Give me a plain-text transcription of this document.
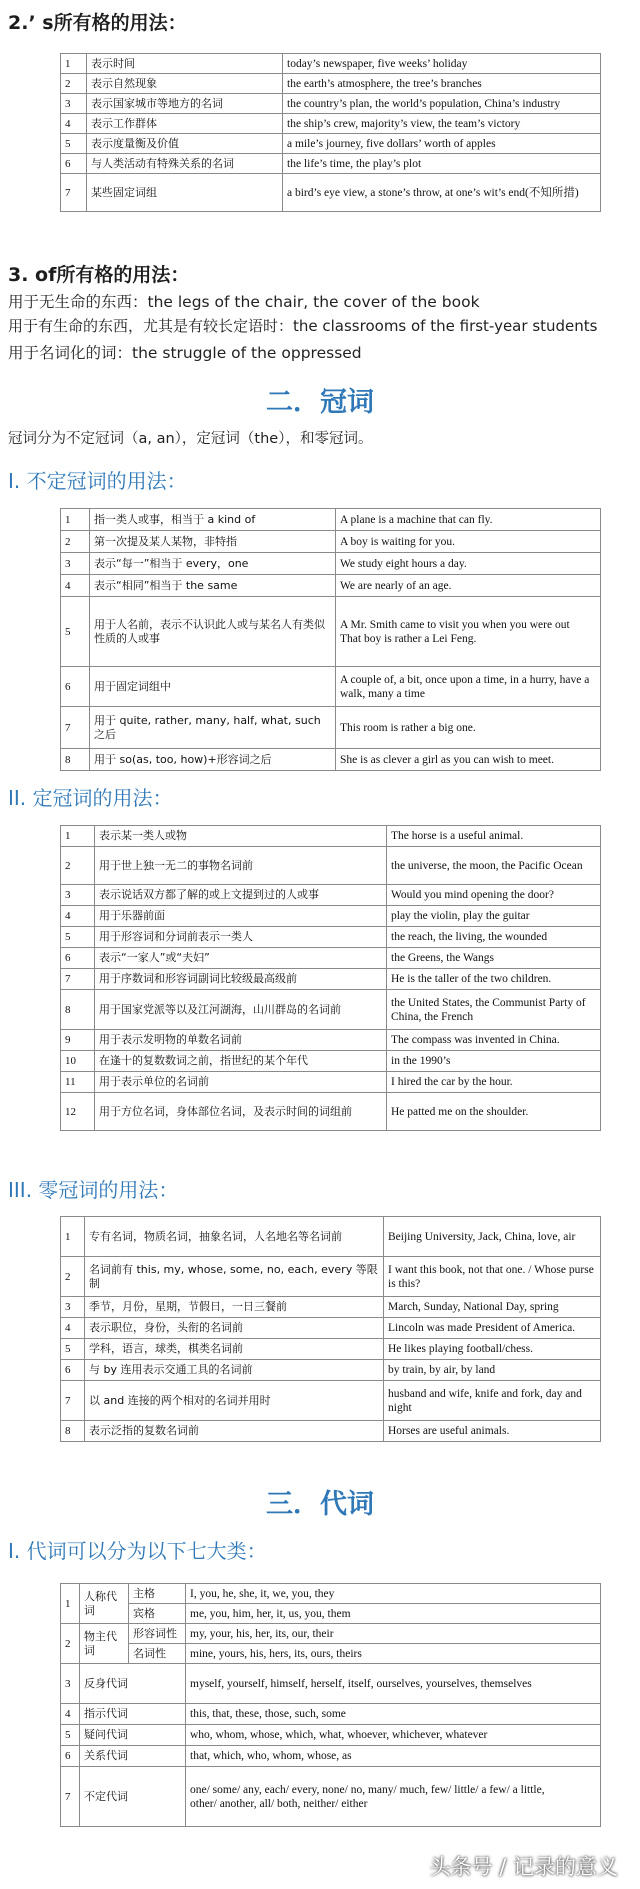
2.’ s所有格的用法：
1	表示时间	today’s newspaper, five weeks’ holiday
2	表示自然现象	the earth’s atmosphere, the tree’s branches
3	表示国家城市等地方的名词	the country’s plan, the world’s population, China’s industry
4	表示工作群体	the ship’s crew, majority’s view, the team’s victory
5	表示度量衡及价值	a mile’s journey, five dollars’ worth of apples
6	与人类活动有特殊关系的名词	the life’s time, the play’s plot
7	某些固定词组	a bird’s eye view, a stone’s throw, at one’s wit’s end(不知所措)
3. of所有格的用法：
用于无生命的东西：the legs of the chair, the cover of the book
用于有生命的东西，尤其是有较长定语时：the classrooms of the first-year students
用于名词化的词：the struggle of the oppressed
二．冠词
冠词分为不定冠词（a, an），定冠词（the），和零冠词。
I. 不定冠词的用法：
1	指一类人或事，相当于 a kind of	A plane is a machine that can fly.
2	第一次提及某人某物，非特指	A boy is waiting for you.
3	表示“每一”相当于 every，one	We study eight hours a day.
4	表示“相同”相当于 the same	We are nearly of an age.
5	用于人名前，表示不认识此人或与某名人有类似性质的人或事	A Mr. Smith came to visit you when you were out
That boy is rather a Lei Feng.

6	用于固定词组中	A couple of, a bit, once upon a time, in a hurry, have a walk, many a time
7	用于 quite, rather, many, half, what, such 之后	This room is rather a big one.
8	用于 so(as, too, how)+形容词之后	She is as clever a girl as you can wish to meet.
II. 定冠词的用法：
1	表示某一类人或物	The horse is a useful animal.
2	用于世上独一无二的事物名词前	the universe, the moon, the Pacific Ocean
3	表示说话双方都了解的或上文提到过的人或事	Would you mind opening the door?
4	用于乐器前面	play the violin, play the guitar
5	用于形容词和分词前表示一类人	the reach, the living, the wounded
6	表示“一家人”或“夫妇”	the Greens, the Wangs
7	用于序数词和形容词副词比较级最高级前	He is the taller of the two children.
8	用于国家党派等以及江河湖海，山川群岛的名词前	the United States, the Communist Party of China, the French
9	用于表示发明物的单数名词前	The compass was invented in China.
10	在逢十的复数数词之前，指世纪的某个年代	in the 1990’s
11	用于表示单位的名词前	I hired the car by the hour.
12	用于方位名词，身体部位名词，及表示时间的词组前	He patted me on the shoulder.
III. 零冠词的用法：
1	专有名词，物质名词，抽象名词，人名地名等名词前	Beijing University, Jack, China, love, air
2	名词前有 this, my, whose, some, no, each, every 等限制	I want this book, not that one. / Whose purse is this?
3	季节，月份，星期，节假日，一日三餐前	March, Sunday, National Day, spring
4	表示职位，身份，头衔的名词前	Lincoln was made President of America.
5	学科，语言，球类，棋类名词前	He likes playing football/chess.
6	与 by 连用表示交通工具的名词前	by train, by air, by land
7	以 and 连接的两个相对的名词并用时	husband and wife, knife and fork, day and night
8	表示泛指的复数名词前	Horses are useful animals.
三．代词
I. 代词可以分为以下七大类：
1	人称代词	主格	I, you, he, she, it, we, you, they
		宾格	me, you, him, her, it, us, you, them
2	物主代词	形容词性	my, your, his, her, its, our, their
		名词性	mine, yours, his, hers, its, ours, theirs
3	反身代词		myself, yourself, himself, herself, itself, ourselves, yourselves, themselves
4	指示代词		this, that, these, those, such, some
5	疑问代词		who, whom, whose, which, what, whoever, whichever, whatever
6	关系代词		that, which, who, whom, whose, as
7	不定代词		one/ some/ any, each/ every, none/ no, many/ much, few/ little/ a few/ a little,
other/ another, all/ both, neither/ either
头条号 / 记录的意义
